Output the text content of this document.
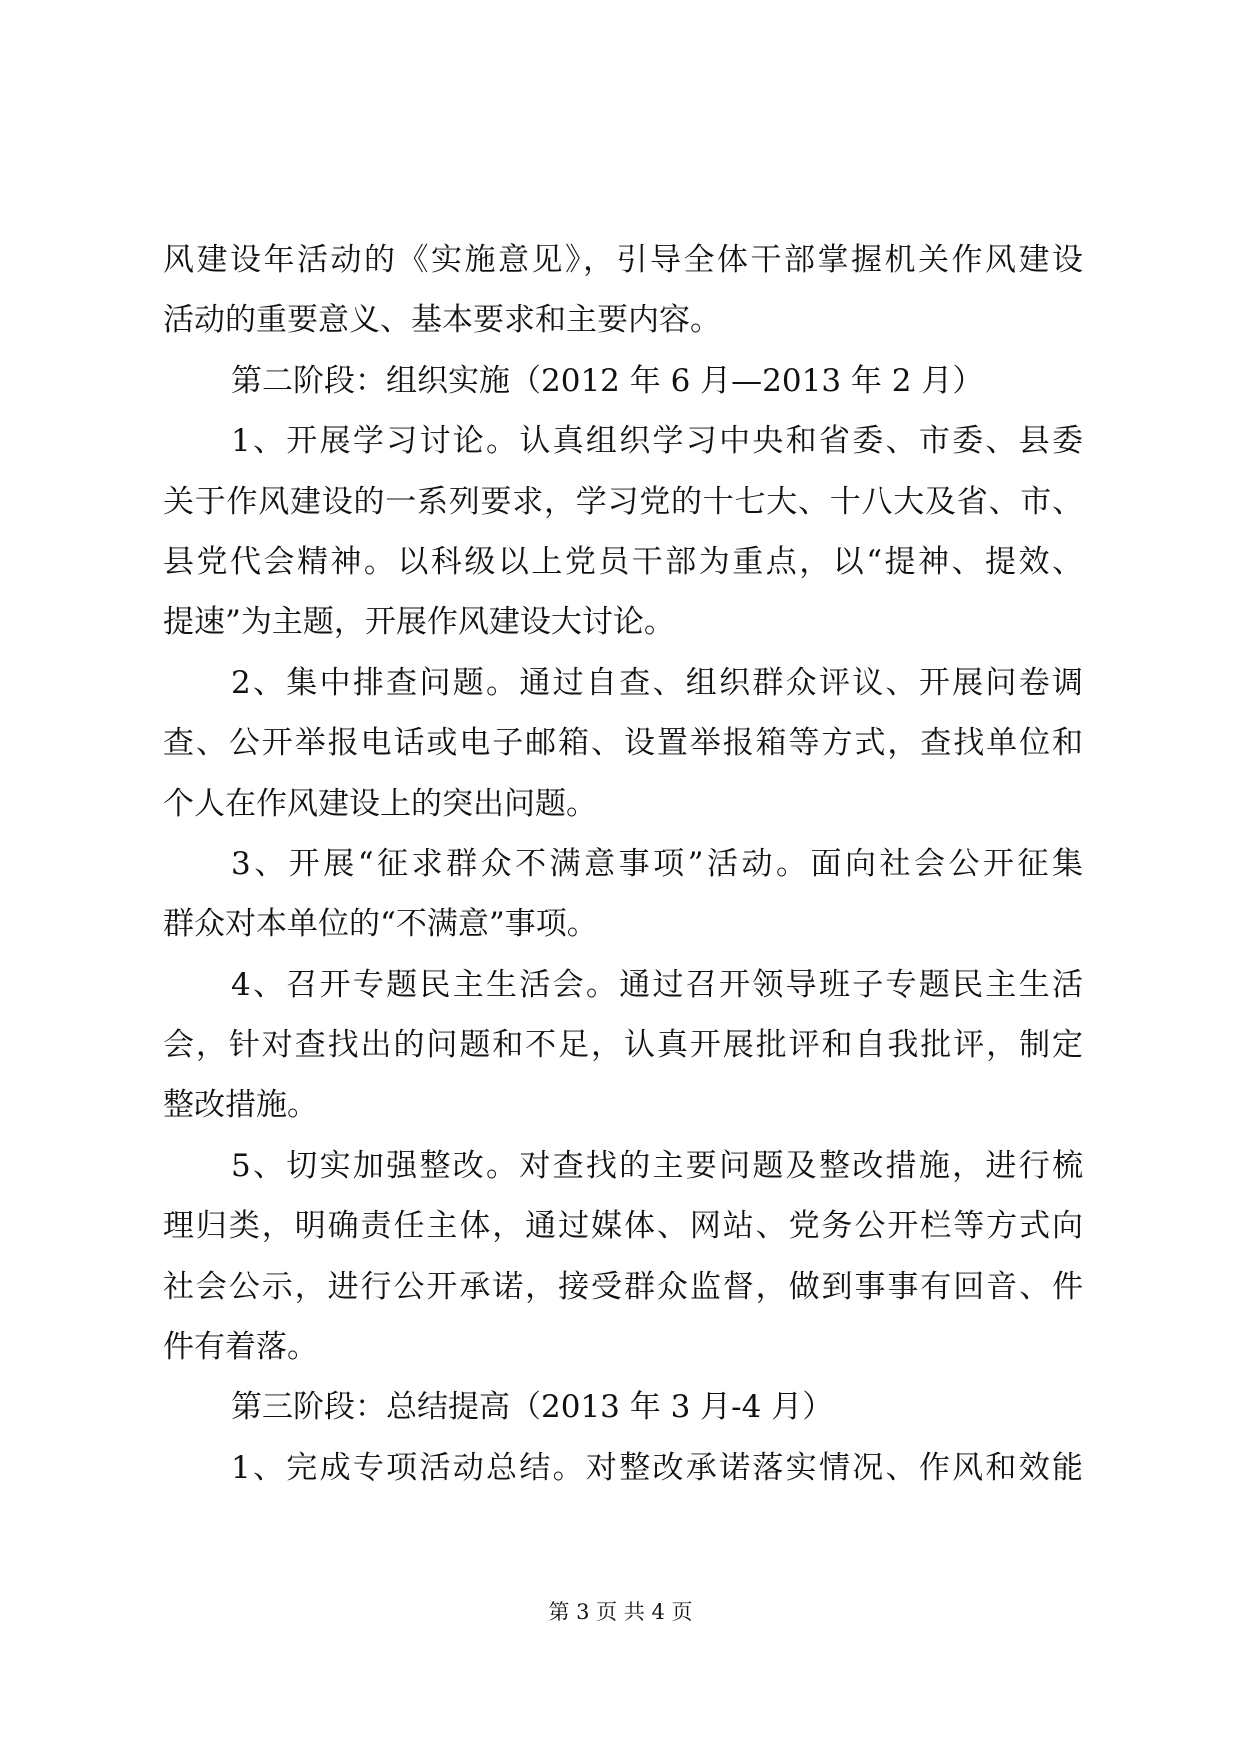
风建设年活动的《实施意见》，引导全体干部掌握机关作风建设
活动的重要意义、基本要求和主要内容。
第二阶段：组织实施（2012 年 6 月—2013 年 2 月）
1、开展学习讨论。认真组织学习中央和省委、市委、县委
关于作风建设的一系列要求，学习党的十七大、十八大及省、市、
县党代会精神。以科级以上党员干部为重点，以“提神、提效、
提速”为主题，开展作风建设大讨论。
2、集中排查问题。通过自查、组织群众评议、开展问卷调
查、公开举报电话或电子邮箱、设置举报箱等方式，查找单位和
个人在作风建设上的突出问题。
3、开展“征求群众不满意事项”活动。面向社会公开征集
群众对本单位的“不满意”事项。
4、召开专题民主生活会。通过召开领导班子专题民主生活
会，针对查找出的问题和不足，认真开展批评和自我批评，制定
整改措施。
5、切实加强整改。对查找的主要问题及整改措施，进行梳
理归类，明确责任主体，通过媒体、网站、党务公开栏等方式向
社会公示，进行公开承诺，接受群众监督，做到事事有回音、件
件有着落。
第三阶段：总结提高（2013 年 3 月-4 月）
1、完成专项活动总结。对整改承诺落实情况、作风和效能
第 3 页 共 4 页
